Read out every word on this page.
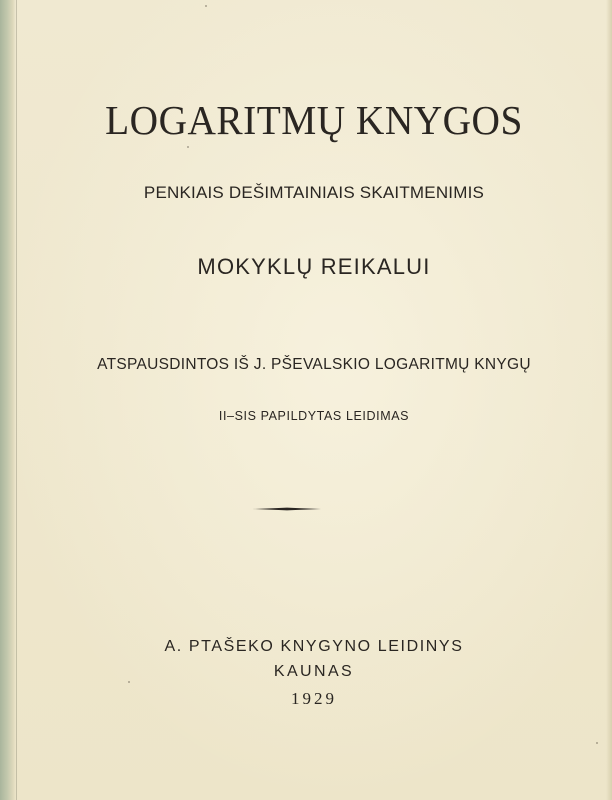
LOGARITMŲ KNYGOS
PENKIAIS DEŠIMTAINIAIS SKAITMENIMIS
MOKYKLŲ REIKALUI
ATSPAUSDINTOS IŠ J. PŠEVALSKIO LOGARITMŲ KNYGŲ
II–SIS PAPILDYTAS LEIDIMAS
A. PTAŠEKO KNYGYNO LEIDINYS
KAUNAS
1929
